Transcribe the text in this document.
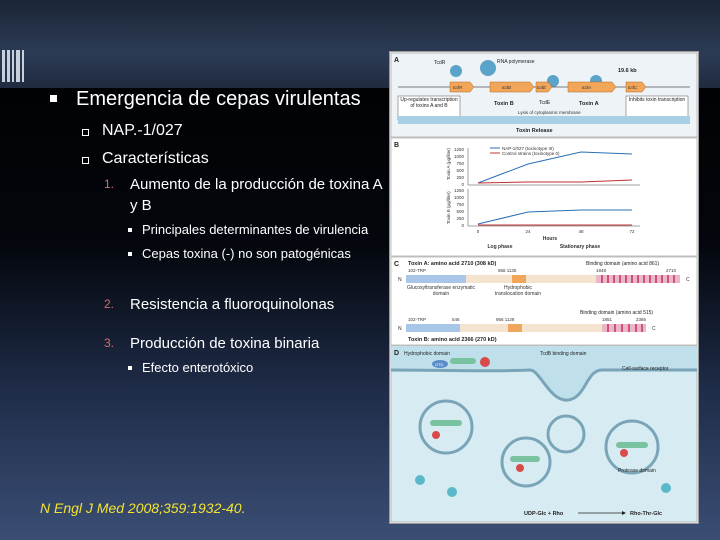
Emergencia de cepas virulentas
NAP.-1/027
Características
1. Aumento de la producción de toxina A y B
Principales determinantes de virulencia
Cepas toxina (-) no son patogénicas
2. Resistencia a fluoroquinolonas
3. Producción de toxina binaria
Efecto enterotóxico
N Engl J Med 2008;359:1932-40.
A	TcdR	RNA polymerase
19.6 kb
tcdR	tcdB	tcdE	tcdA	tcdC
Up-regulates transcription of toxins A and B	Toxin B	TcdE	Toxin A
Inhibits toxin transcription
Lysis of cytoplasmic membrane
Toxin Release
B
1250
1000
750
500
250
0
1250
1000
750
500
250
0
Toxin A (μg/liter)
Toxin B (μg/liter)
NAP-1/027 (toxinotype III)
Control strains (toxinotype 0)
0	24	48	72
Hours
Log phase	Stationary phase
C Toxin A: amino acid 2710 (308 kD)	Binding domain (amino acid 861)
102-TRP	958 1130	1848	2710
N	C
Glucosyltransferase enzymatic domain
Hydrophobic translocation domain
Binding domain (amino acid 515)
102-TRP	546	956 1128	1851	2366
N	C
Toxin B: amino acid 2366 (270 kD)
D Hydrophobic domain	TcdB binding domain
Cell-surface receptor
GTD
Protease domain
UDP-Glc + Rho	Rho-Thr-Glc
